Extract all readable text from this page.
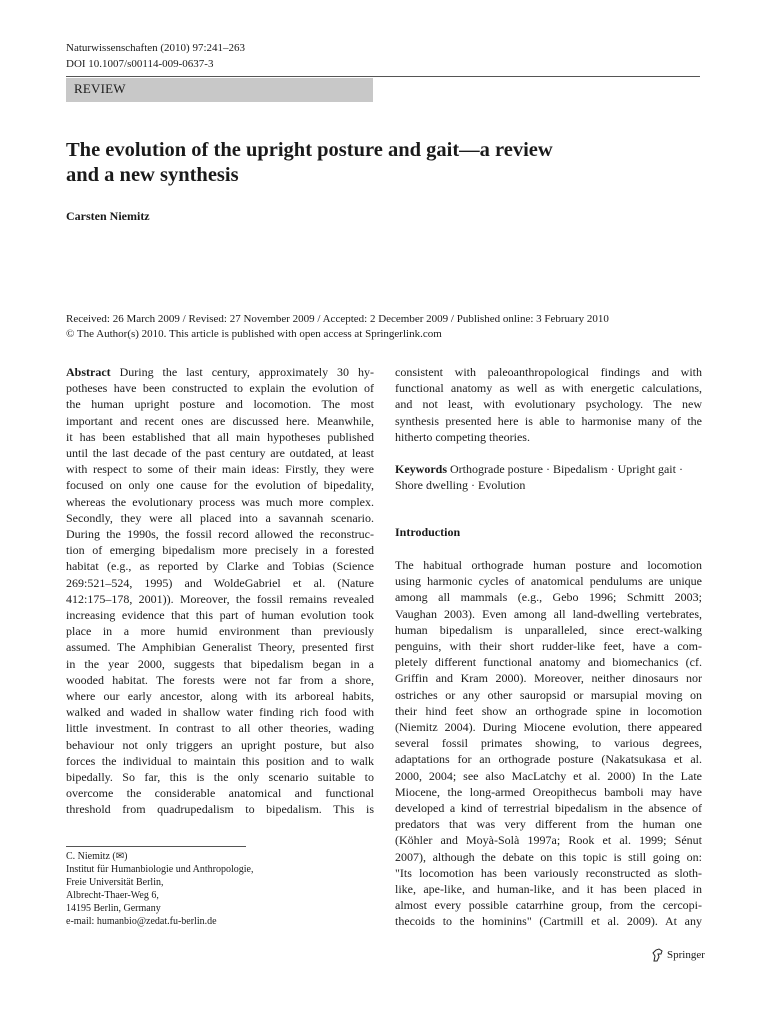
Naturwissenschaften (2010) 97:241–263
DOI 10.1007/s00114-009-0637-3
REVIEW
The evolution of the upright posture and gait—a review
and a new synthesis
Carsten Niemitz
Received: 26 March 2009 / Revised: 27 November 2009 / Accepted: 2 December 2009 / Published online: 3 February 2010
© The Author(s) 2010. This article is published with open access at Springerlink.com
Abstract During the last century, approximately 30 hy-
potheses have been constructed to explain the evolution of
the human upright posture and locomotion. The most
important and recent ones are discussed here. Meanwhile,
it has been established that all main hypotheses published
until the last decade of the past century are outdated, at least
with respect to some of their main ideas: Firstly, they were
focused on only one cause for the evolution of bipedality,
whereas the evolutionary process was much more complex.
Secondly, they were all placed into a savannah scenario.
During the 1990s, the fossil record allowed the reconstruc-
tion of emerging bipedalism more precisely in a forested
habitat (e.g., as reported by Clarke and Tobias (Science
269:521–524, 1995) and WoldeGabriel et al. (Nature
412:175–178, 2001)). Moreover, the fossil remains revealed
increasing evidence that this part of human evolution took
place in a more humid environment than previously
assumed. The Amphibian Generalist Theory, presented first
in the year 2000, suggests that bipedalism began in a
wooded habitat. The forests were not far from a shore,
where our early ancestor, along with its arboreal habits,
walked and waded in shallow water finding rich food with
little investment. In contrast to all other theories, wading
behaviour not only triggers an upright posture, but also
forces the individual to maintain this position and to walk
bipedally. So far, this is the only scenario suitable to
overcome the considerable anatomical and functional
threshold from quadrupedalism to bipedalism. This is
consistent with paleoanthropological findings and with
functional anatomy as well as with energetic calculations,
and not least, with evolutionary psychology. The new
synthesis presented here is able to harmonise many of the
hitherto competing theories.
Keywords Orthograde posture · Bipedalism · Upright gait ·
Shore dwelling · Evolution
Introduction
The habitual orthograde human posture and locomotion
using harmonic cycles of anatomical pendulums are unique
among all mammals (e.g., Gebo 1996; Schmitt 2003;
Vaughan 2003). Even among all land-dwelling vertebrates,
human bipedalism is unparalleled, since erect-walking
penguins, with their short rudder-like feet, have a com-
pletely different functional anatomy and biomechanics (cf.
Griffin and Kram 2000). Moreover, neither dinosaurs nor
ostriches or any other sauropsid or marsupial moving on
their hind feet show an orthograde spine in locomotion
(Niemitz 2004). During Miocene evolution, there appeared
several fossil primates showing, to various degrees,
adaptations for an orthograde posture (Nakatsukasa et al.
2000, 2004; see also MacLatchy et al. 2000) In the Late
Miocene, the long-armed Oreopithecus bamboli may have
developed a kind of terrestrial bipedalism in the absence of
predators that was very different from the human one
(Köhler and Moyà-Solà 1997a; Rook et al. 1999; Sénut
2007), although the debate on this topic is still going on:
"Its locomotion has been variously reconstructed as sloth-
like, ape-like, and human-like, and it has been placed in
almost every possible catarrhine group, from the cercopi-
thecoids to the hominins" (Cartmill et al. 2009). At any
C. Niemitz (✉)
Institut für Humanbiologie und Anthropologie,
Freie Universität Berlin,
Albrecht-Thaer-Weg 6,
14195 Berlin, Germany
e-mail: humanbio@zedat.fu-berlin.de
Springer
